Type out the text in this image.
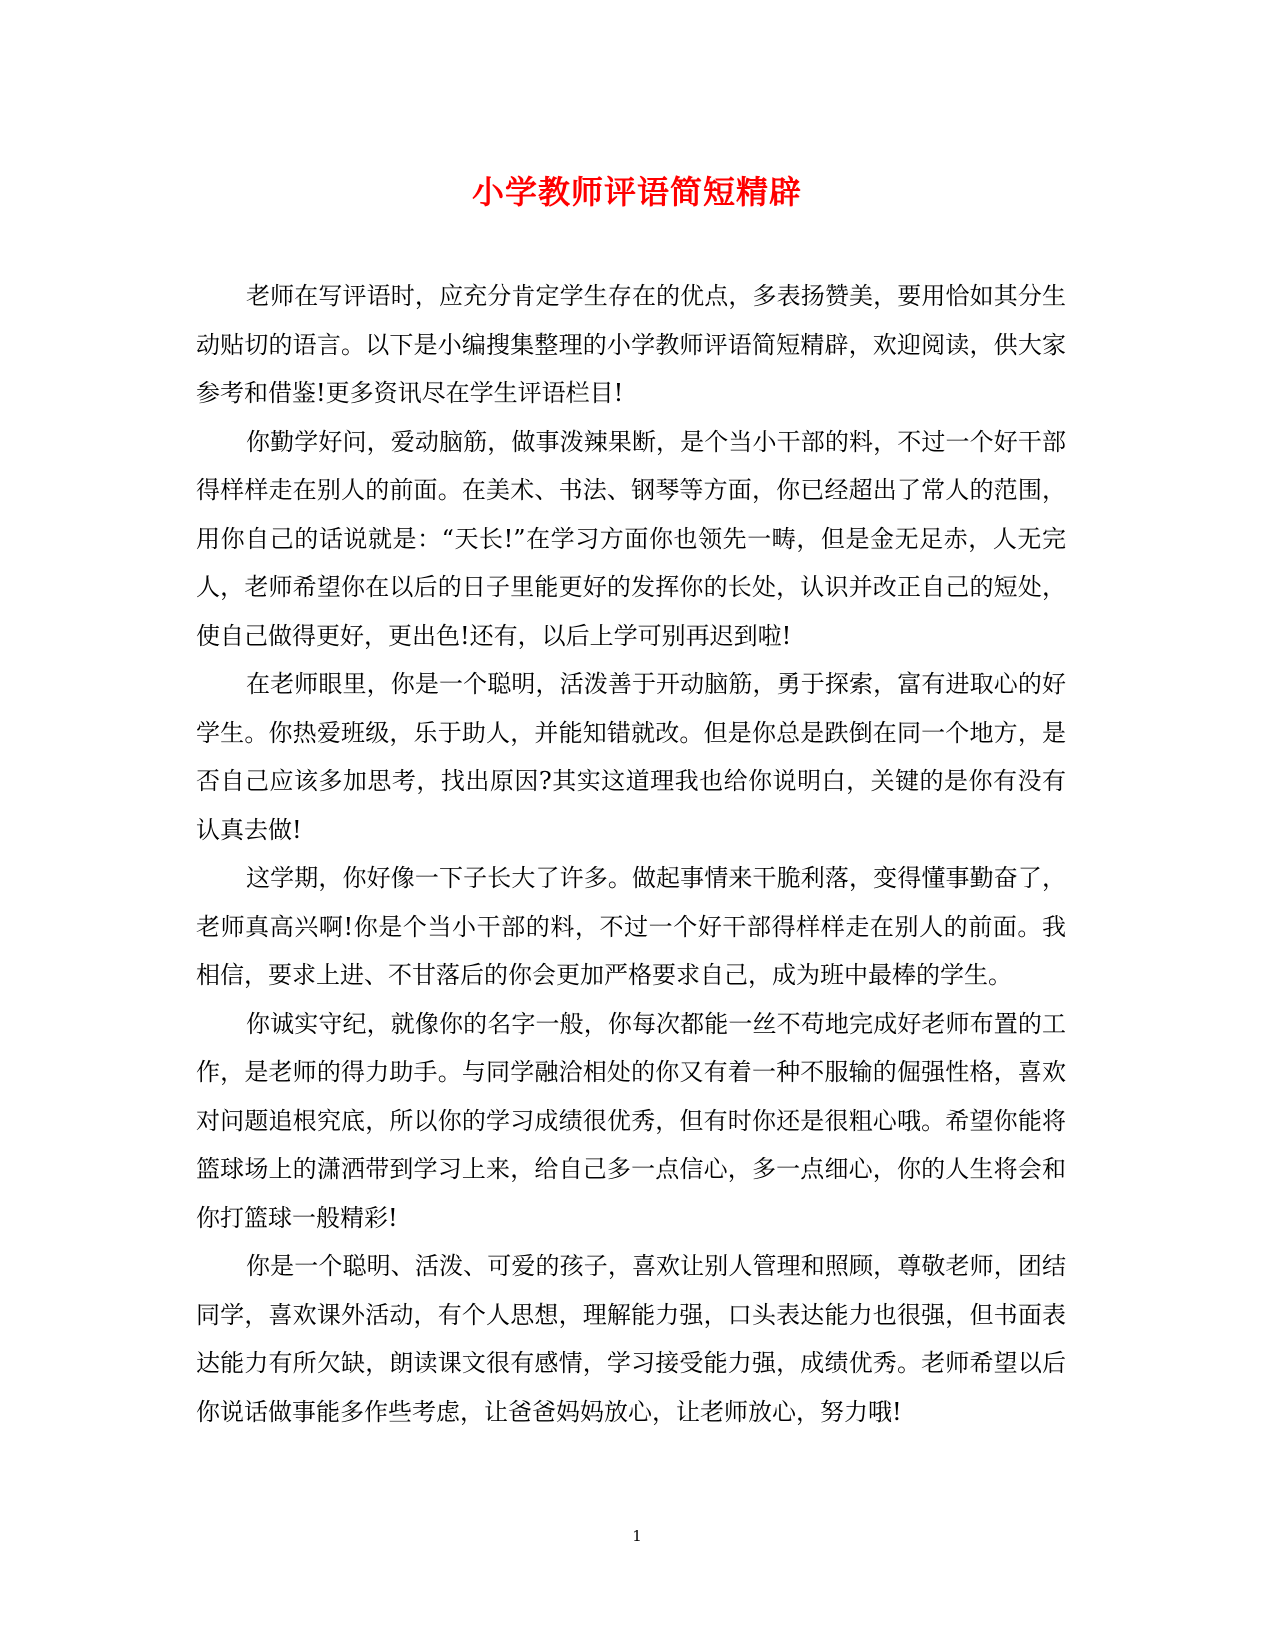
小学教师评语简短精辟

老师在写评语时，应充分肯定学生存在的优点，多表扬赞美，要用恰如其分生动贴切的语言。以下是小编搜集整理的小学教师评语简短精辟，欢迎阅读，供大家参考和借鉴!更多资讯尽在学生评语栏目!

你勤学好问，爱动脑筋，做事泼辣果断，是个当小干部的料，不过一个好干部得样样走在别人的前面。在美术、书法、钢琴等方面，你已经超出了常人的范围，用你自己的话说就是：“天长!”在学习方面你也领先一畴，但是金无足赤，人无完人，老师希望你在以后的日子里能更好的发挥你的长处，认识并改正自己的短处，使自己做得更好，更出色!还有，以后上学可别再迟到啦!

在老师眼里，你是一个聪明，活泼善于开动脑筋，勇于探索，富有进取心的好学生。你热爱班级，乐于助人，并能知错就改。但是你总是跌倒在同一个地方，是否自己应该多加思考，找出原因?其实这道理我也给你说明白，关键的是你有没有认真去做!

这学期，你好像一下子长大了许多。做起事情来干脆利落，变得懂事勤奋了，老师真高兴啊!你是个当小干部的料，不过一个好干部得样样走在别人的前面。我相信，要求上进、不甘落后的你会更加严格要求自己，成为班中最棒的学生。

你诚实守纪，就像你的名字一般，你每次都能一丝不苟地完成好老师布置的工作，是老师的得力助手。与同学融洽相处的你又有着一种不服输的倔强性格，喜欢对问题追根究底，所以你的学习成绩很优秀，但有时你还是很粗心哦。希望你能将篮球场上的潇洒带到学习上来，给自己多一点信心，多一点细心，你的人生将会和你打篮球一般精彩!

你是一个聪明、活泼、可爱的孩子，喜欢让别人管理和照顾，尊敬老师，团结同学，喜欢课外活动，有个人思想，理解能力强，口头表达能力也很强，但书面表达能力有所欠缺，朗读课文很有感情，学习接受能力强，成绩优秀。老师希望以后你说话做事能多作些考虑，让爸爸妈妈放心，让老师放心，努力哦!

1
